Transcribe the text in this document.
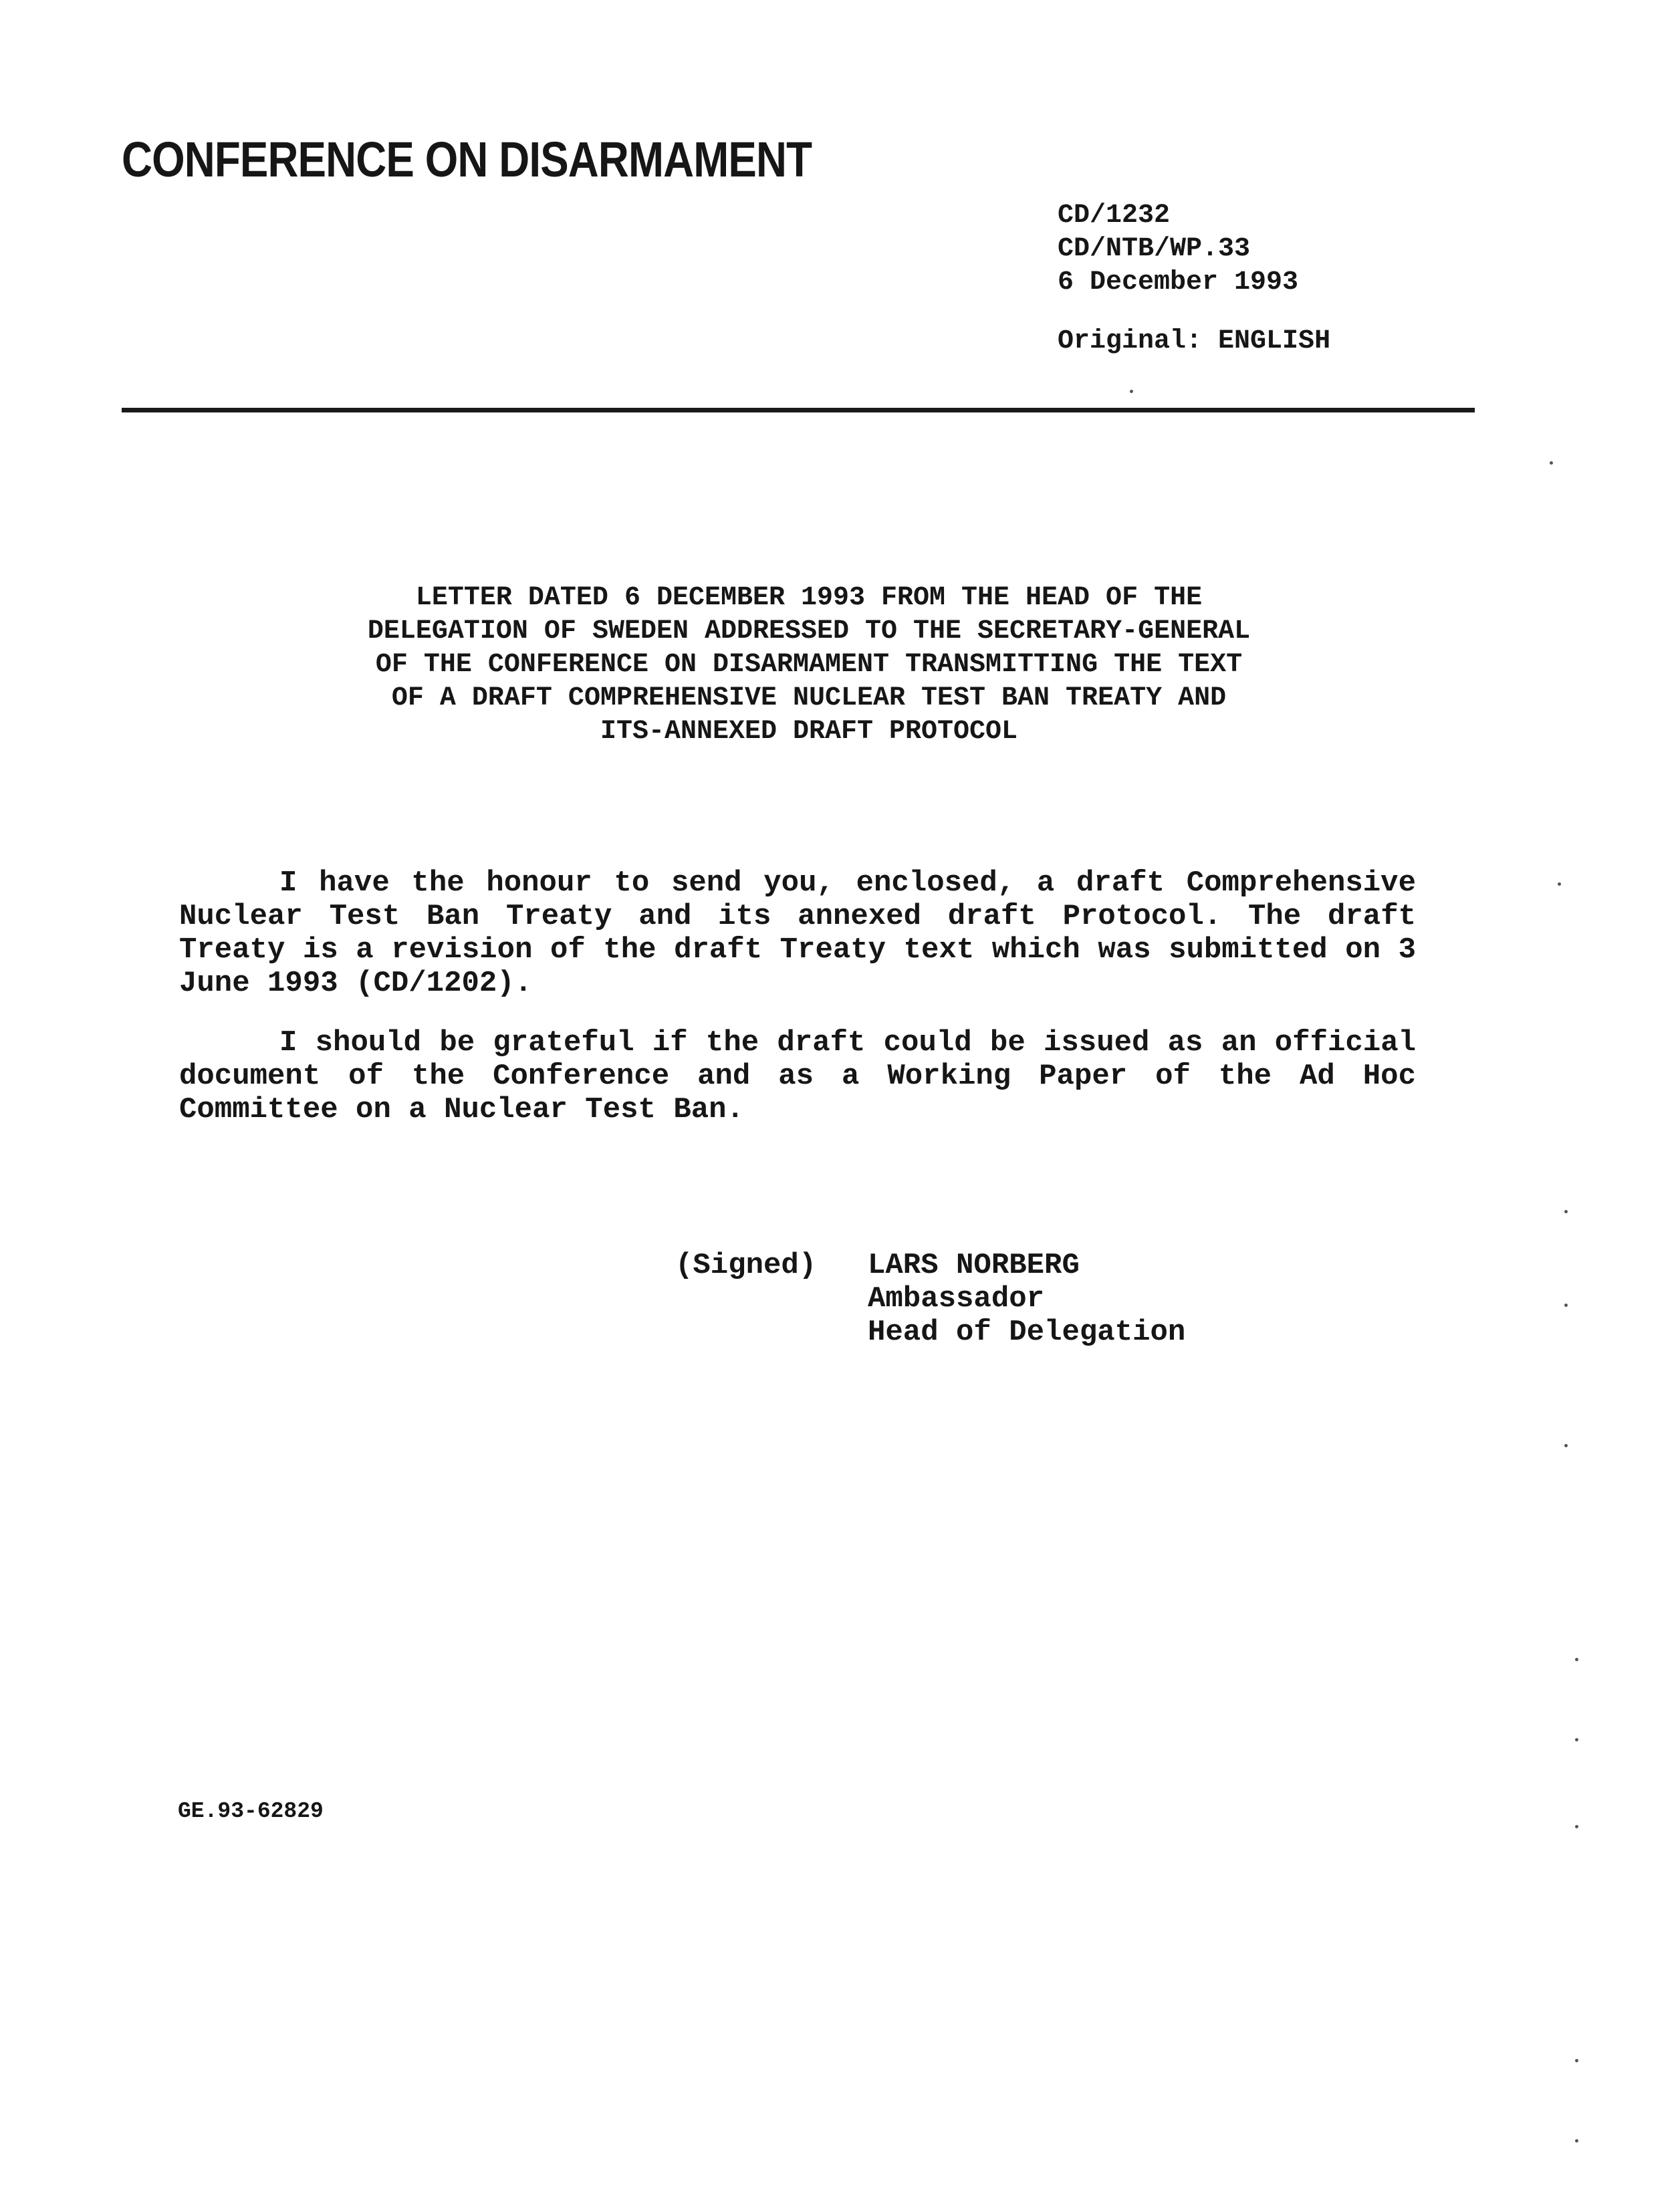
CONFERENCE ON DISARMAMENT
CD/1232
CD/NTB/WP.33
6 December 1993
Original: ENGLISH
LETTER DATED 6 DECEMBER 1993 FROM THE HEAD OF THE
DELEGATION OF SWEDEN ADDRESSED TO THE SECRETARY-GENERAL
OF THE CONFERENCE ON DISARMAMENT TRANSMITTING THE TEXT
OF A DRAFT COMPREHENSIVE NUCLEAR TEST BAN TREATY AND
ITS-ANNEXED DRAFT PROTOCOL
I have the honour to send you, enclosed, a draft Comprehensive Nuclear Test Ban Treaty and its annexed draft Protocol. The draft Treaty is a revision of the draft Treaty text which was submitted on 3 June 1993 (CD/1202).
I should be grateful if the draft could be issued as an official document of the Conference and as a Working Paper of the Ad Hoc Committee on a Nuclear Test Ban.
(Signed) LARS NORBERG
Ambassador
Head of Delegation
GE.93-62829
